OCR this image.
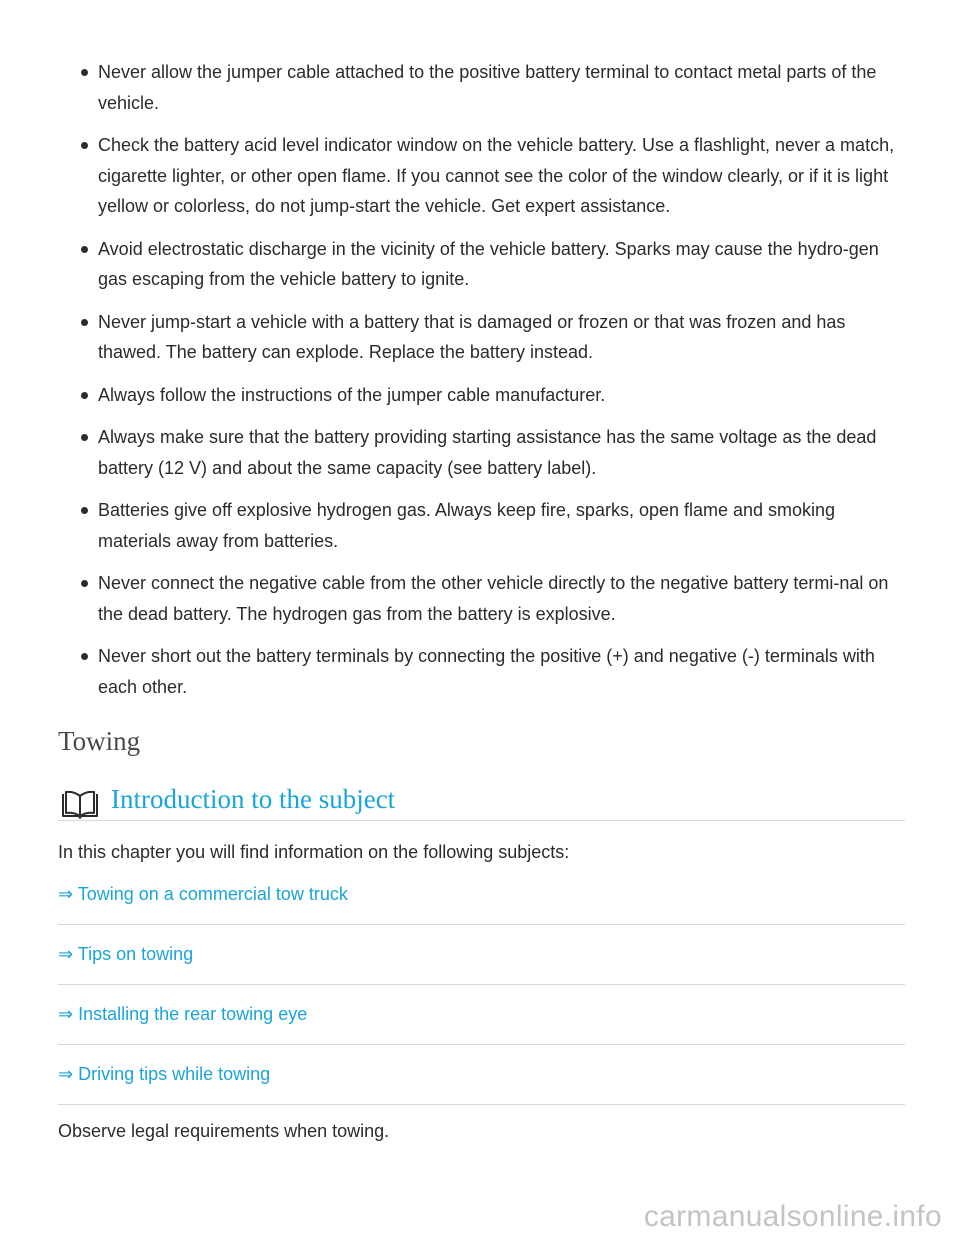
Never allow the jumper cable attached to the positive battery terminal to contact metal parts of the vehicle.
Check the battery acid level indicator window on the vehicle battery. Use a flashlight, never a match, cigarette lighter, or other open flame. If you cannot see the color of the window clearly, or if it is light yellow or colorless, do not jump-start the vehicle. Get expert assistance.
Avoid electrostatic discharge in the vicinity of the vehicle battery. Sparks may cause the hydro-gen gas escaping from the vehicle battery to ignite.
Never jump-start a vehicle with a battery that is damaged or frozen or that was frozen and has thawed. The battery can explode. Replace the battery instead.
Always follow the instructions of the jumper cable manufacturer.
Always make sure that the battery providing starting assistance has the same voltage as the dead battery (12 V) and about the same capacity (see battery label).
Batteries give off explosive hydrogen gas. Always keep fire, sparks, open flame and smoking materials away from batteries.
Never connect the negative cable from the other vehicle directly to the negative battery termi-nal on the dead battery. The hydrogen gas from the battery is explosive.
Never short out the battery terminals by connecting the positive (+) and negative (-) terminals with each other.
Towing
Introduction to the subject
In this chapter you will find information on the following subjects:
⇒ Towing on a commercial tow truck
⇒ Tips on towing
⇒ Installing the rear towing eye
⇒ Driving tips while towing
Observe legal requirements when towing.
carmanualsonline.info
